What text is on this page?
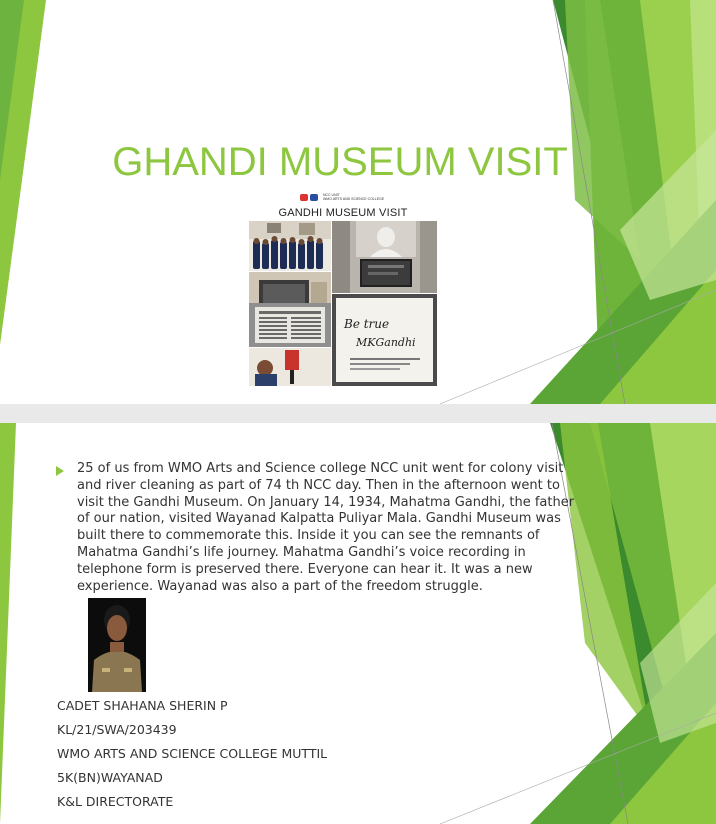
GHANDI MUSEUM VISIT
NCC UNIT
WMO ARTS AND SCIENCE COLLEGE
GANDHI MUSEUM VISIT
Be true
MKGandhi
25 of us from WMO Arts and Science college NCC unit went for colony visit and river cleaning as part of 74 th NCC day. Then in the afternoon went to visit the Gandhi Museum. On January 14, 1934, Mahatma Gandhi, the father of our nation, visited Wayanad Kalpatta Puliyar Mala. Gandhi Museum was built there to commemorate this. Inside it you can see the remnants of Mahatma Gandhi’s life journey. Mahatma Gandhi’s voice recording in telephone form is preserved there. Everyone can hear it. It was a new experience. Wayanad was also a part of the freedom struggle.
CADET SHAHANA SHERIN P
KL/21/SWA/203439
WMO ARTS AND SCIENCE COLLEGE MUTTIL
5K(BN)WAYANAD
K&L DIRECTORATE
